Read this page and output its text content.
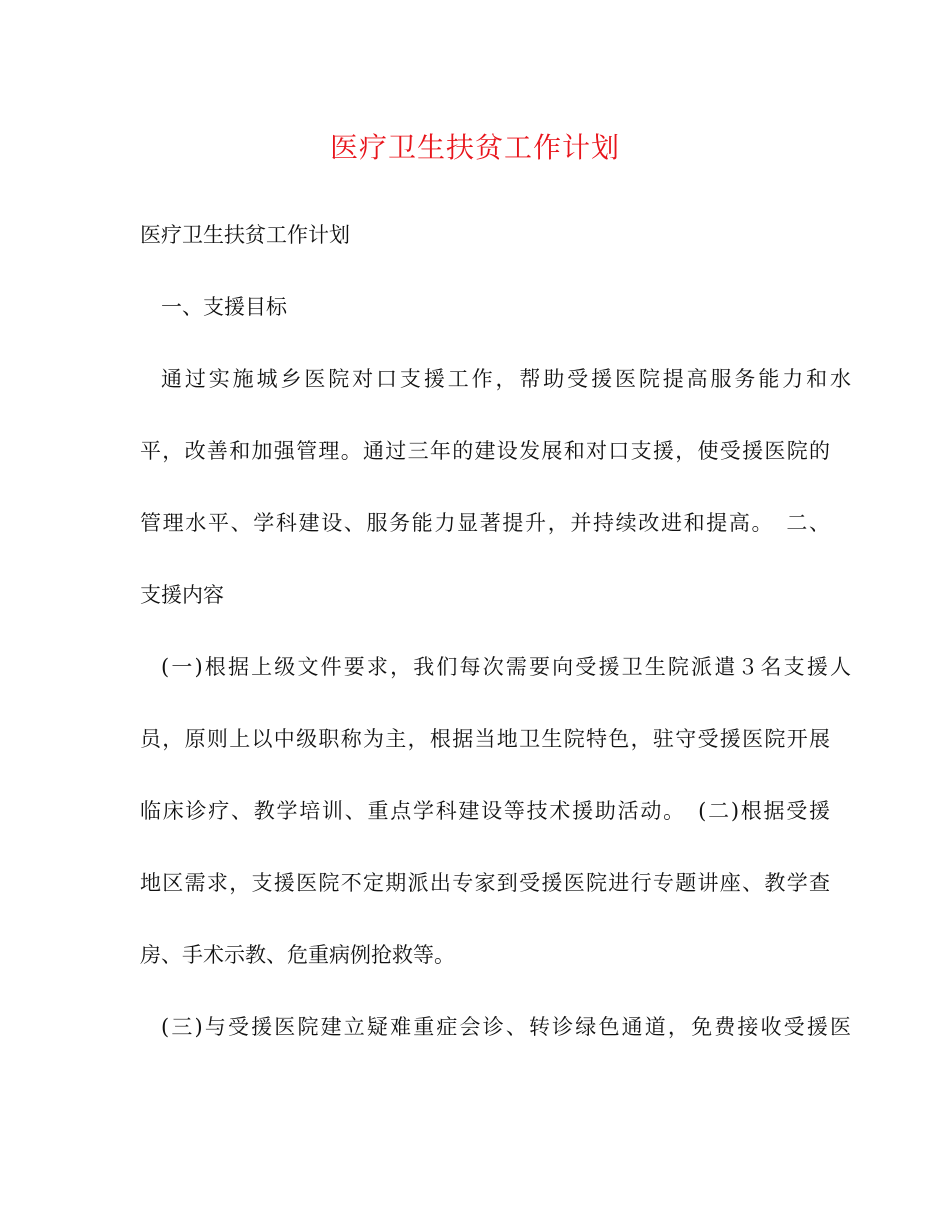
医疗卫生扶贫工作计划
医疗卫生扶贫工作计划
一、支援目标
通过实施城乡医院对口支援工作，帮助受援医院提高服务能力和水
平，改善和加强管理。通过三年的建设发展和对口支援，使受援医院的
管理水平、学科建设、服务能力显著提升，并持续改进和提高。　二、
支援内容
(一)根据上级文件要求，我们每次需要向受援卫生院派遣３名支援人
员，原则上以中级职称为主，根据当地卫生院特色，驻守受援医院开展
临床诊疗、教学培训、重点学科建设等技术援助活动。　(二)根据受援
地区需求，支援医院不定期派出专家到受援医院进行专题讲座、教学查
房、手术示教、危重病例抢救等。
(三)与受援医院建立疑难重症会诊、转诊绿色通道，免费接收受援医
